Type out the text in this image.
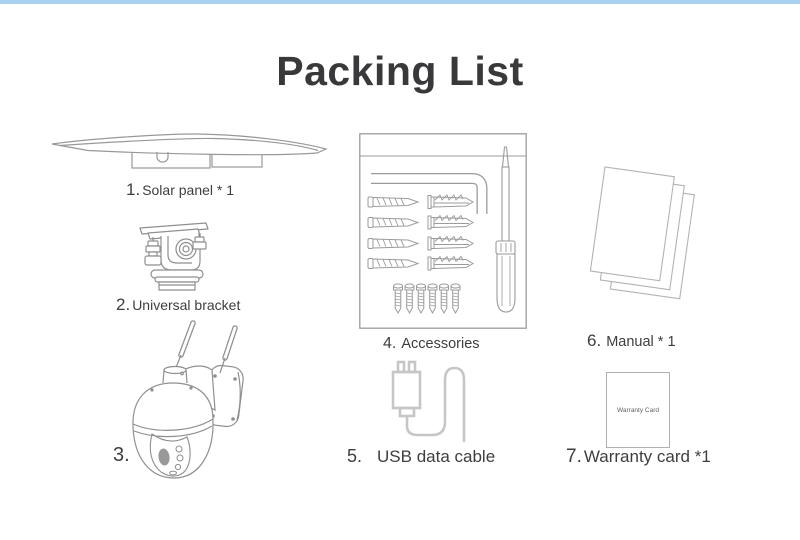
Packing List
Warranty Card
1. Solar panel * 1
2. Universal bracket
3.
4. Accessories
5. USB data cable
6. Manual * 1
7. Warranty card *1
